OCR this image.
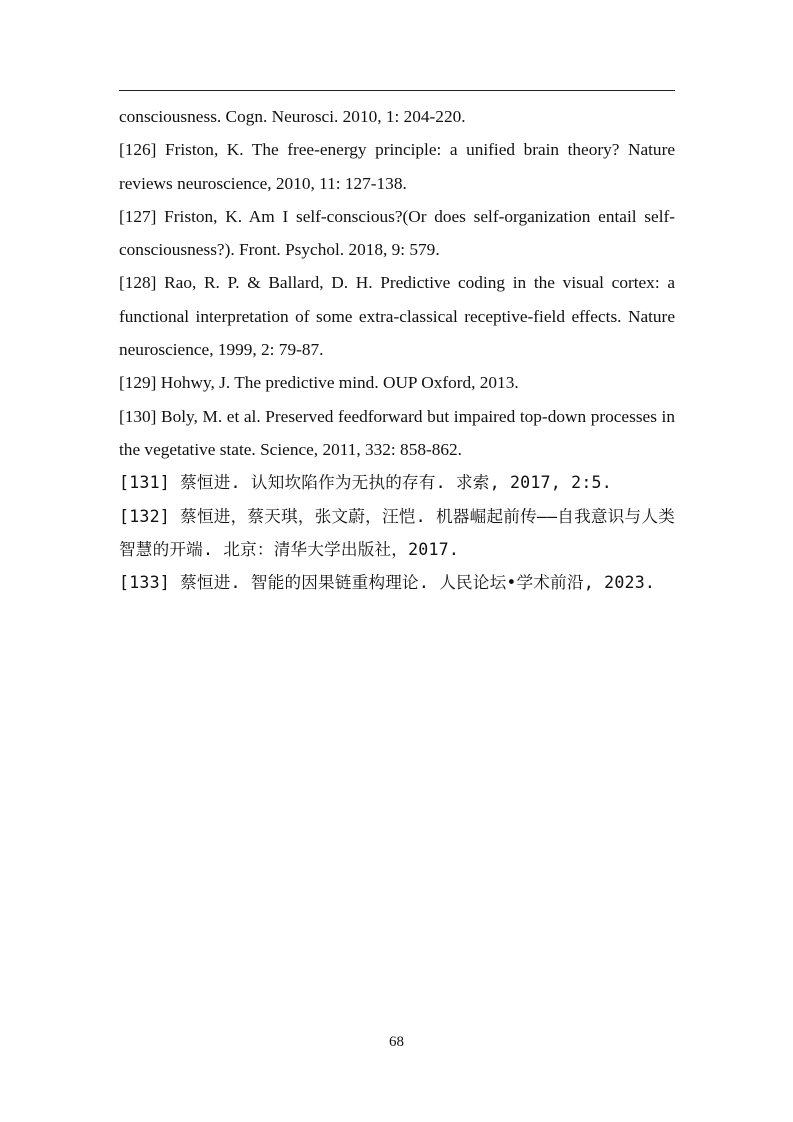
consciousness. Cogn. Neurosci. 2010, 1: 204-220.

[126] Friston, K. The free-energy principle: a unified brain theory? Nature reviews neuroscience, 2010, 11: 127-138.

[127] Friston, K. Am I self-conscious?(Or does self-organization entail self-consciousness?). Front. Psychol. 2018, 9: 579.

[128] Rao, R. P. & Ballard, D. H. Predictive coding in the visual cortex: a functional interpretation of some extra-classical receptive-field effects. Nature neuroscience, 1999, 2: 79-87.

[129] Hohwy, J. The predictive mind. OUP Oxford, 2013.

[130] Boly, M. et al. Preserved feedforward but impaired top-down processes in the vegetative state. Science, 2011, 332: 858-862.

[131] 蔡恒进. 认知坎陷作为无执的存有. 求索, 2017, 2:5.

[132] 蔡恒进，蔡天琪，张文蔚，汪恺. 机器崛起前传——自我意识与人类智慧的开端. 北京：清华大学出版社，2017.

[133] 蔡恒进. 智能的因果链重构理论. 人民论坛•学术前沿, 2023.

68
